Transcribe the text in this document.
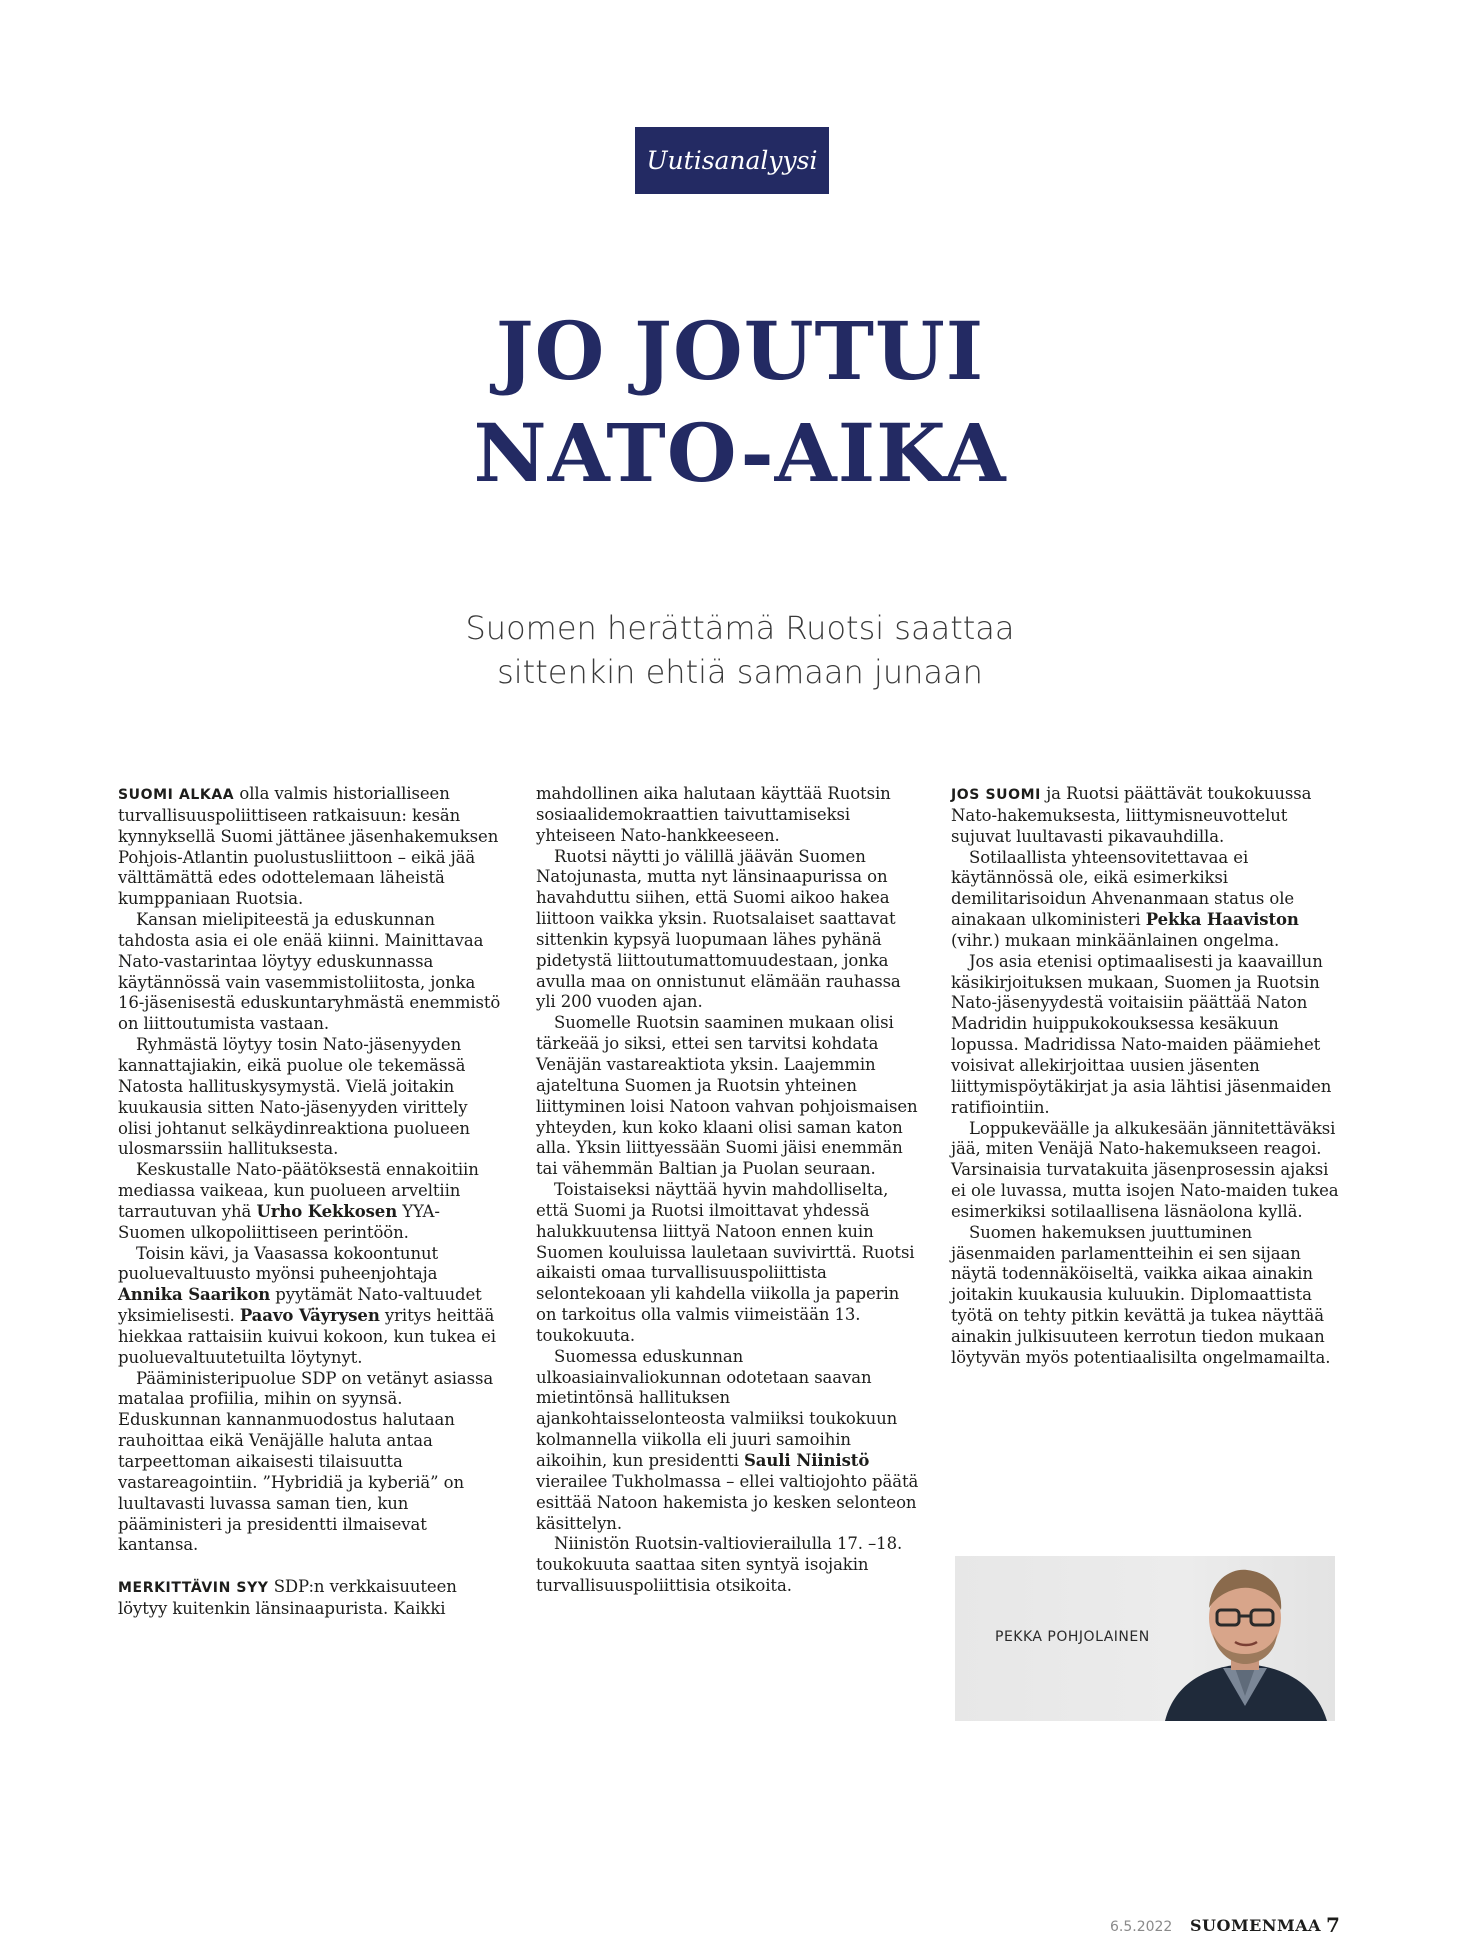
Uutisanalyysi
JO JOUTUI
NATO-AIKA
Suomen herättämä Ruotsi saattaa
sittenkin ehtiä samaan junaan

SUOMI ALKAA olla valmis historialliseen turvallisuuspoliittiseen ratkaisuun: kesän kynnyksellä Suomi jättänee jäsenhakemuksen Pohjois-Atlantin puolustusliittoon – eikä jää välttämättä edes odottelemaan läheistä kumppaniaan Ruotsia.

Kansan mielipiteestä ja eduskunnan tahdosta asia ei ole enää kiinni. Mainittavaa Nato-vastarintaa löytyy eduskunnassa käytännössä vain vasemmistoliitosta, jonka 16-jäsenisestä eduskuntaryhmästä enemmistö on liittoutumista vastaan.

Ryhmästä löytyy tosin Nato-jäsenyyden kannattajiakin, eikä puolue ole tekemässä Natosta hallituskysymystä. Vielä joitakin kuukausia sitten Nato-jäsenyyden virittely olisi johtanut selkäydinreaktiona puolueen ulosmarssiin hallituksesta.

Keskustalle Nato-päätöksestä ennakoitiin mediassa vaikeaa, kun puolueen arveltiin tarrautuvan yhä Urho Kekkosen YYA-Suomen ulkopoliittiseen perintöön.

Toisin kävi, ja Vaasassa kokoontunut puoluevaltuusto myönsi puheenjohtaja Annika Saarikon pyytämät Nato-valtuudet yksimielisesti. Paavo Väyrysen yritys heittää hiekkaa rattaisiin kuivui kokoon, kun tukea ei puoluevaltuutetuilta löytynyt.

Pääministeripuolue SDP on vetänyt asiassa matalaa profiilia, mihin on syynsä. Eduskunnan kannanmuodostus halutaan rauhoittaa eikä Venäjälle haluta antaa tarpeettoman aikaisesti tilaisuutta vastareagointiin. ”Hybridiä ja kyberiä” on luultavasti luvassa saman tien, kun pääministeri ja presidentti ilmaisevat kantansa.

MERKITTÄVIN SYY SDP:n verkkaisuuteen löytyy kuitenkin länsinaapurista. Kaikki

mahdollinen aika halutaan käyttää Ruotsin sosiaalidemokraattien taivuttamiseksi yhteiseen Nato-hankkeeseen.

Ruotsi näytti jo välillä jäävän Suomen Natojunasta, mutta nyt länsinaapurissa on havahduttu siihen, että Suomi aikoo hakea liittoon vaikka yksin. Ruotsalaiset saattavat sittenkin kypsyä luopumaan lähes pyhänä pidetystä liittoutumattomuudestaan, jonka avulla maa on onnistunut elämään rauhassa yli 200 vuoden ajan.

Suomelle Ruotsin saaminen mukaan olisi tärkeää jo siksi, ettei sen tarvitsi kohdata Venäjän vastareaktiota yksin. Laajemmin ajateltuna Suomen ja Ruotsin yhteinen liittyminen loisi Natoon vahvan pohjoismaisen yhteyden, kun koko klaani olisi saman katon alla. Yksin liittyessään Suomi jäisi enemmän tai vähemmän Baltian ja Puolan seuraan.

Toistaiseksi näyttää hyvin mahdolliselta, että Suomi ja Ruotsi ilmoittavat yhdessä halukkuutensa liittyä Natoon ennen kuin Suomen kouluissa lauletaan suvivirttä. Ruotsi aikaisti omaa turvallisuuspoliittista selontekoaan yli kahdella viikolla ja paperin on tarkoitus olla valmis viimeistään 13. toukokuuta.

Suomessa eduskunnan ulkoasiainvaliokunnan odotetaan saavan mietintönsä hallituksen ajankohtaisselonteosta valmiiksi toukokuun kolmannella viikolla eli juuri samoihin aikoihin, kun presidentti Sauli Niinistö vierailee Tukholmassa – ellei valtiojohto päätä esittää Natoon hakemista jo kesken selonteon käsittelyn.

Niinistön Ruotsin-valtiovierailulla 17. –18. toukokuuta saattaa siten syntyä isojakin turvallisuuspoliittisia otsikoita.

JOS SUOMI ja Ruotsi päättävät toukokuussa Nato-hakemuksesta, liittymisneuvottelut sujuvat luultavasti pikavauhdilla.

Sotilaallista yhteensovitettavaa ei käytännössä ole, eikä esimerkiksi demilitarisoidun Ahvenanmaan status ole ainakaan ulkoministeri Pekka Haaviston (vihr.) mukaan minkäänlainen ongelma.

Jos asia etenisi optimaalisesti ja kaavaillun käsikirjoituksen mukaan, Suomen ja Ruotsin Nato-jäsenyydestä voitaisiin päättää Naton Madridin huippukokouksessa kesäkuun lopussa. Madridissa Nato-maiden päämiehet voisivat allekirjoittaa uusien jäsenten liittymispöytäkirjat ja asia lähtisi jäsenmaiden ratifiointiin.

Loppukeväälle ja alkukesään jännitettäväksi jää, miten Venäjä Nato-hakemukseen reagoi. Varsinaisia turvatakuita jäsenprosessin ajaksi ei ole luvassa, mutta isojen Nato-maiden tukea esimerkiksi sotilaallisena läsnäolona kyllä.

Suomen hakemuksen juuttuminen jäsenmaiden parlamentteihin ei sen sijaan näytä todennäköiseltä, vaikka aikaa ainakin joitakin kuukausia kuluukin. Diplomaattista työtä on tehty pitkin kevättä ja tukea näyttää ainakin julkisuuteen kerrotun tiedon mukaan löytyvän myös potentiaalisilta ongelmamailta.

PEKKA POHJOLAINEN
6.5.2022 SUOMENMAA 7
